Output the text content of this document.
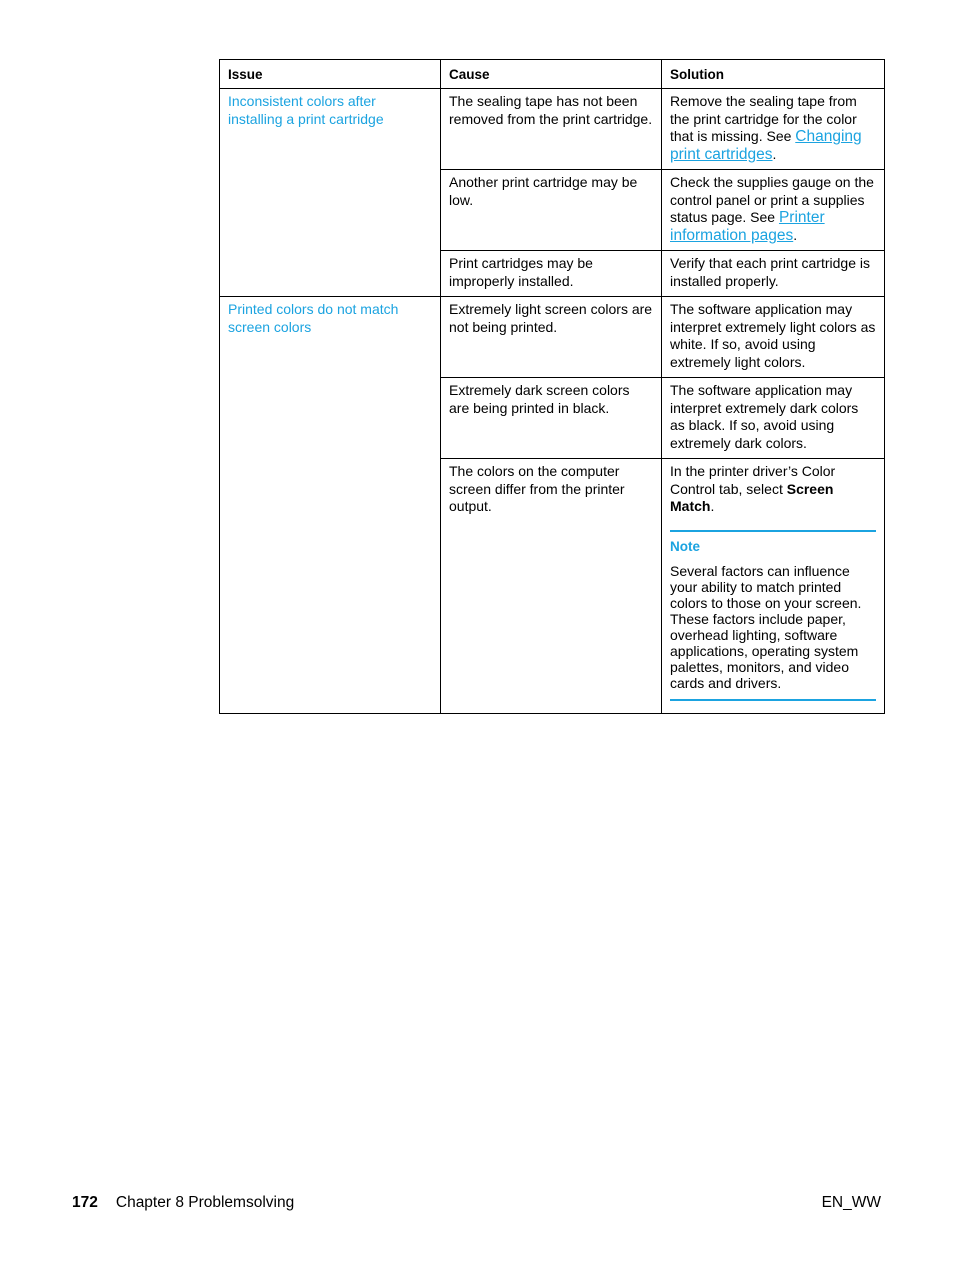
Issue	Cause	Solution
Inconsistent colors after installing a print cartridge	The sealing tape has not been removed from the print cartridge.	Remove the sealing tape from the print cartridge for the color that is missing. See Changing print cartridges.
	Another print cartridge may be low.	Check the supplies gauge on the control panel or print a supplies status page. See Printer information pages.
	Print cartridges may be improperly installed.	Verify that each print cartridge is installed properly.
Printed colors do not match screen colors	Extremely light screen colors are not being printed.	The software application may interpret extremely light colors as white. If so, avoid using extremely light colors.
	Extremely dark screen colors are being printed in black.	The software application may interpret extremely dark colors as black. If so, avoid using extremely dark colors.
	The colors on the computer screen differ from the printer output.	In the printer driver’s Color Control tab, select Screen Match.
Note
Several factors can influence your ability to match printed colors to those on your screen. These factors include paper, overhead lighting, software applications, operating system palettes, monitors, and video cards and drivers.
172 Chapter 8 Problemsolving	EN_WW
